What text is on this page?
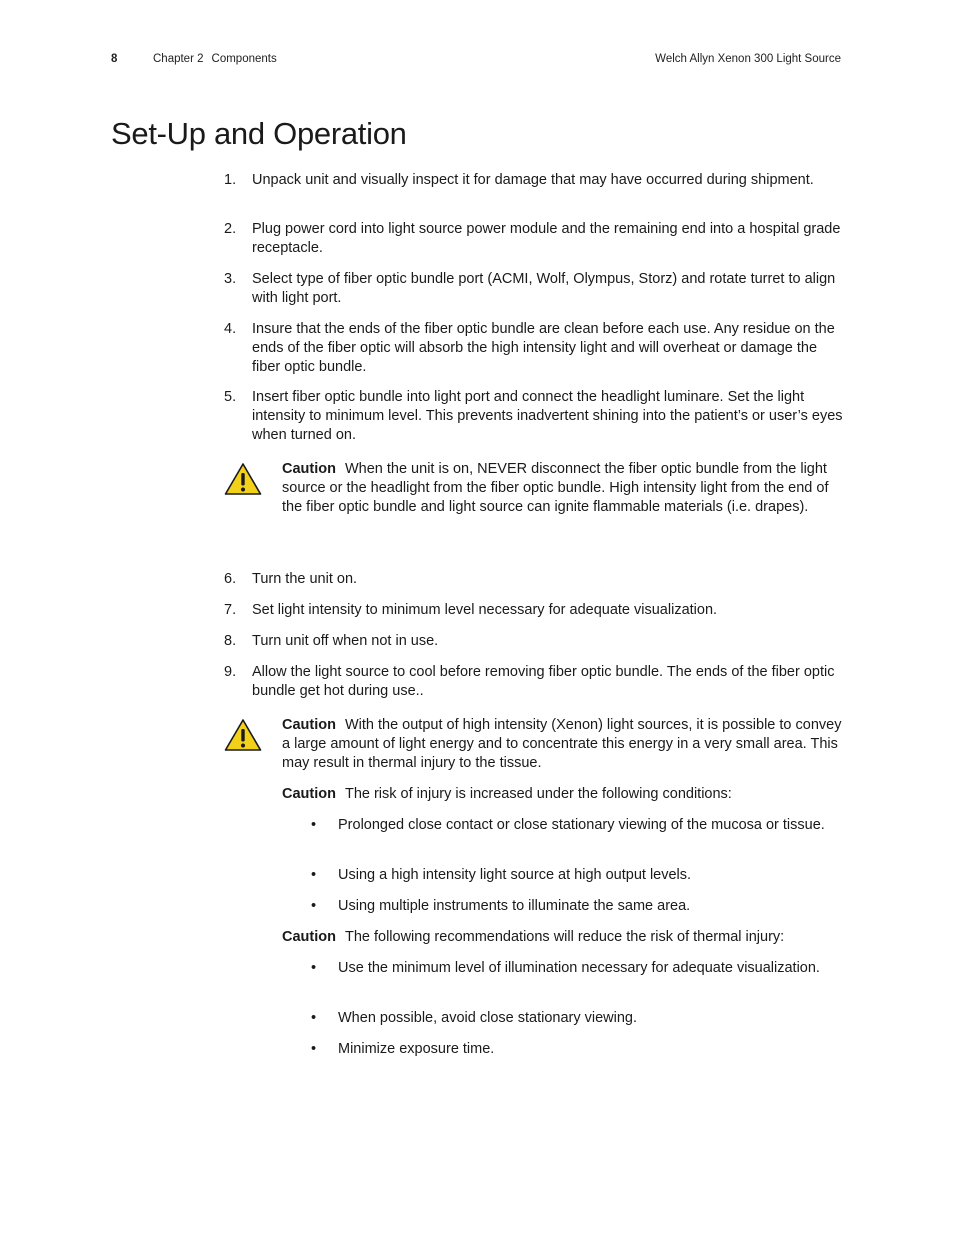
8	Chapter 2 Components	Welch Allyn Xenon 300 Light Source
Set-Up and Operation
1. Unpack unit and visually inspect it for damage that may have occurred during shipment.
2. Plug power cord into light source power module and the remaining end into a hospital grade receptacle.
3. Select type of fiber optic bundle port (ACMI, Wolf, Olympus, Storz) and rotate turret to align with light port.
4. Insure that the ends of the fiber optic bundle are clean before each use. Any residue on the ends of the fiber optic will absorb the high intensity light and will overheat or damage the fiber optic bundle.
5. Insert fiber optic bundle into light port and connect the headlight luminare. Set the light intensity to minimum level. This prevents inadvertent shining into the patient’s or user’s eyes when turned on.
Caution When the unit is on, NEVER disconnect the fiber optic bundle from the light source or the headlight from the fiber optic bundle. High intensity light from the end of the fiber optic bundle and light source can ignite flammable materials (i.e. drapes).
6. Turn the unit on.
7. Set light intensity to minimum level necessary for adequate visualization.
8. Turn unit off when not in use.
9. Allow the light source to cool before removing fiber optic bundle. The ends of the fiber optic bundle get hot during use..
Caution With the output of high intensity (Xenon) light sources, it is possible to convey a large amount of light energy and to concentrate this energy in a very small area. This may result in thermal injury to the tissue.
Caution The risk of injury is increased under the following conditions:
• Prolonged close contact or close stationary viewing of the mucosa or tissue.
• Using a high intensity light source at high output levels.
• Using multiple instruments to illuminate the same area.
Caution The following recommendations will reduce the risk of thermal injury:
• Use the minimum level of illumination necessary for adequate visualization.
• When possible, avoid close stationary viewing.
• Minimize exposure time.
